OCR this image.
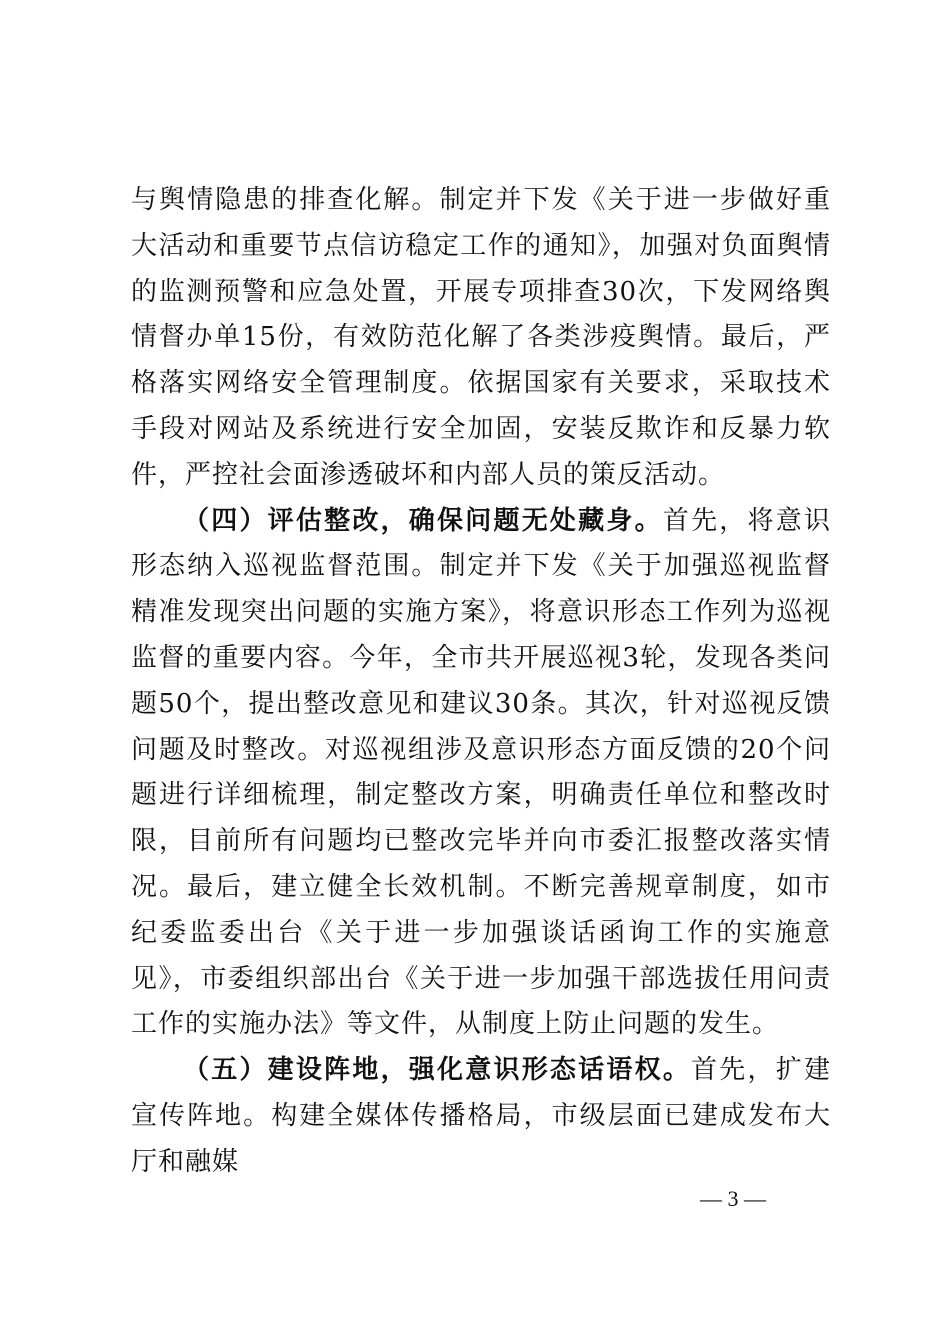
与舆情隐患的排查化解。制定并下发《关于进一步做好重大活动和重要节点信访稳定工作的通知》，加强对负面舆情的监测预警和应急处置，开展专项排查30次，下发网络舆情督办单15份，有效防范化解了各类涉疫舆情。最后，严格落实网络安全管理制度。依据国家有关要求，采取技术手段对网站及系统进行安全加固，安装反欺诈和反暴力软件，严控社会面渗透破坏和内部人员的策反活动。

（四）评估整改，确保问题无处藏身。首先，将意识形态纳入巡视监督范围。制定并下发《关于加强巡视监督精准发现突出问题的实施方案》，将意识形态工作列为巡视监督的重要内容。今年，全市共开展巡视3轮，发现各类问题50个，提出整改意见和建议30条。其次，针对巡视反馈问题及时整改。对巡视组涉及意识形态方面反馈的20个问题进行详细梳理，制定整改方案，明确责任单位和整改时限，目前所有问题均已整改完毕并向市委汇报整改落实情况。最后，建立健全长效机制。不断完善规章制度，如市纪委监委出台《关于进一步加强谈话函询工作的实施意见》，市委组织部出台《关于进一步加强干部选拔任用问责工作的实施办法》等文件，从制度上防止问题的发生。

（五）建设阵地，强化意识形态话语权。首先，扩建宣传阵地。构建全媒体传播格局，市级层面已建成发布大厅和融媒

— 3 —
